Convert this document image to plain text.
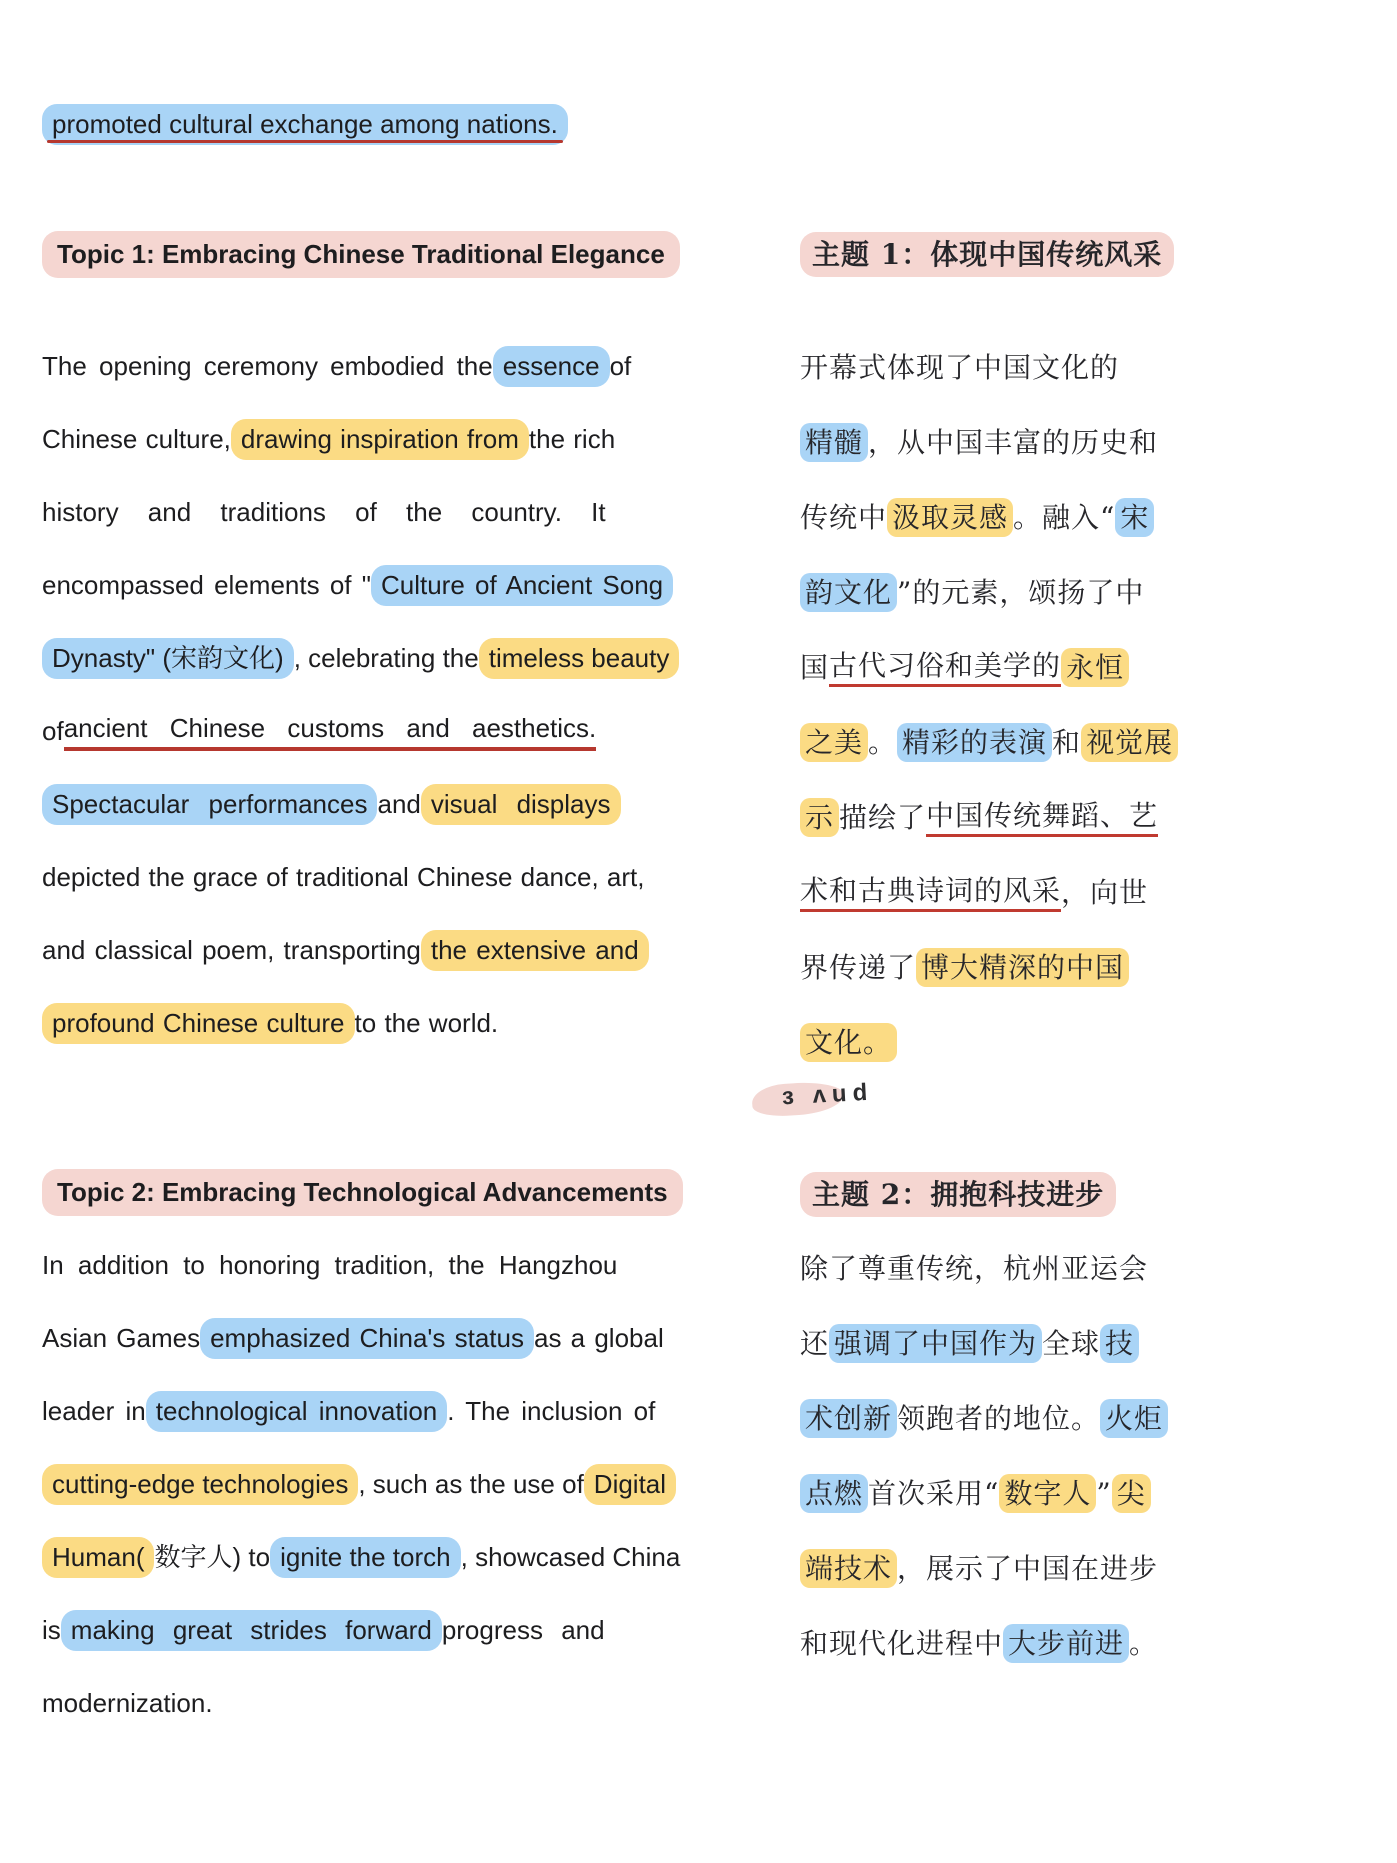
promoted cultural exchange among nations.
Topic 1: Embracing Chinese Traditional Elegance
The opening ceremony embodied the essence of
Chinese culture, drawing inspiration from the rich
history and traditions of the country. It
encompassed elements of " Culture of Ancient Song
Dynasty" (宋韵文化) , celebrating the timeless beauty
of ancient Chinese customs and aesthetics.
Spectacular performances and visual displays
depicted the grace of traditional Chinese dance, art,
and classical poem, transporting the extensive and
profound Chinese culture to the world.
Topic 2: Embracing Technological Advancements
In addition to honoring tradition, the Hangzhou
Asian Games emphasized China's status as a global
leader in technological innovation . The inclusion of
cutting-edge technologies , such as the use of Digital
Human( 数字人) to ignite the torch , showcased China
is making great strides forward progress and
modernization.
主题 1：体现中国传统风采
开幕式体现了中国文化的
精髓 ，从中国丰富的历史和
传统中 汲取灵感 。融入“ 宋
韵文化 ”的元素，颂扬了中
国 古代习俗和美学的 永恒
之美 。 精彩的表演 和 视觉展
示 描绘了 中国传统舞蹈、艺
术和古典诗词的风采 ，向世
界传递了 博大精深的中国
文化。
主题 2：拥抱科技进步
除了尊重传统，杭州亚运会
还 强调了中国作为 全球 技
术创新 领跑者的地位。 火炬
点燃 首次采用“ 数字人 ” 尖
端技术 ，展示了中国在进步
和现代化进程中 大步前进 。
ɜ ᴧud
